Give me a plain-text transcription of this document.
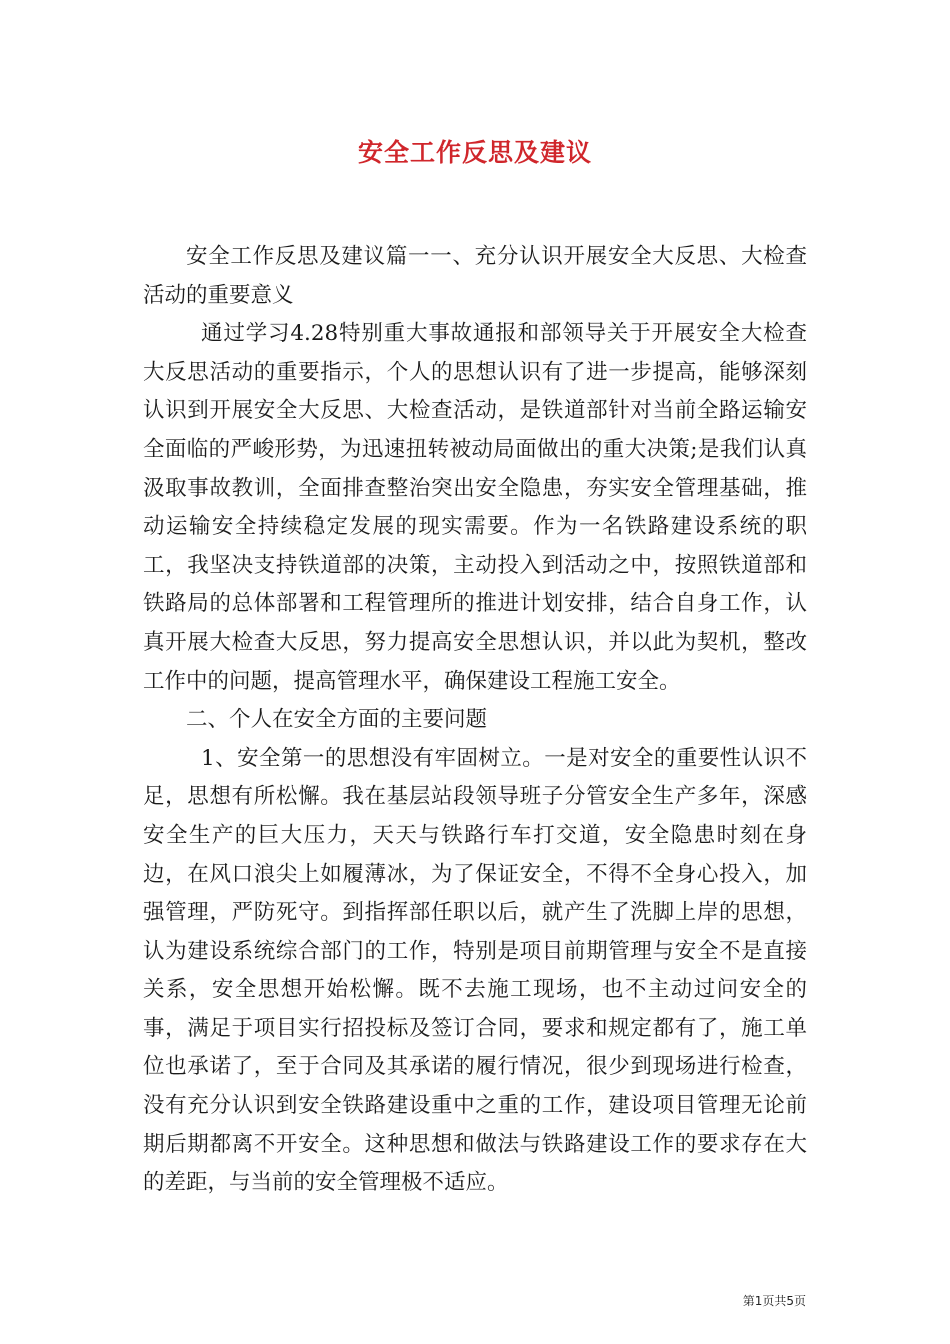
安全工作反思及建议

安全工作反思及建议篇一一、充分认识开展安全大反思、大检查活动的重要意义

通过学习4.28特别重大事故通报和部领导关于开展安全大检查大反思活动的重要指示，个人的思想认识有了进一步提高，能够深刻认识到开展安全大反思、大检查活动，是铁道部针对当前全路运输安全面临的严峻形势，为迅速扭转被动局面做出的重大决策;是我们认真汲取事故教训，全面排查整治突出安全隐患，夯实安全管理基础，推动运输安全持续稳定发展的现实需要。作为一名铁路建设系统的职工，我坚决支持铁道部的决策，主动投入到活动之中，按照铁道部和铁路局的总体部署和工程管理所的推进计划安排，结合自身工作，认真开展大检查大反思，努力提高安全思想认识，并以此为契机，整改工作中的问题，提高管理水平，确保建设工程施工安全。

二、个人在安全方面的主要问题

1、安全第一的思想没有牢固树立。一是对安全的重要性认识不足，思想有所松懈。我在基层站段领导班子分管安全生产多年，深感安全生产的巨大压力，天天与铁路行车打交道，安全隐患时刻在身边，在风口浪尖上如履薄冰，为了保证安全，不得不全身心投入，加强管理，严防死守。到指挥部任职以后，就产生了洗脚上岸的思想，认为建设系统综合部门的工作，特别是项目前期管理与安全不是直接关系，安全思想开始松懈。既不去施工现场，也不主动过问安全的事，满足于项目实行招投标及签订合同，要求和规定都有了，施工单位也承诺了，至于合同及其承诺的履行情况，很少到现场进行检查，没有充分认识到安全铁路建设重中之重的工作，建设项目管理无论前期后期都离不开安全。这种思想和做法与铁路建设工作的要求存在大的差距，与当前的安全管理极不适应。

第1页共5页
